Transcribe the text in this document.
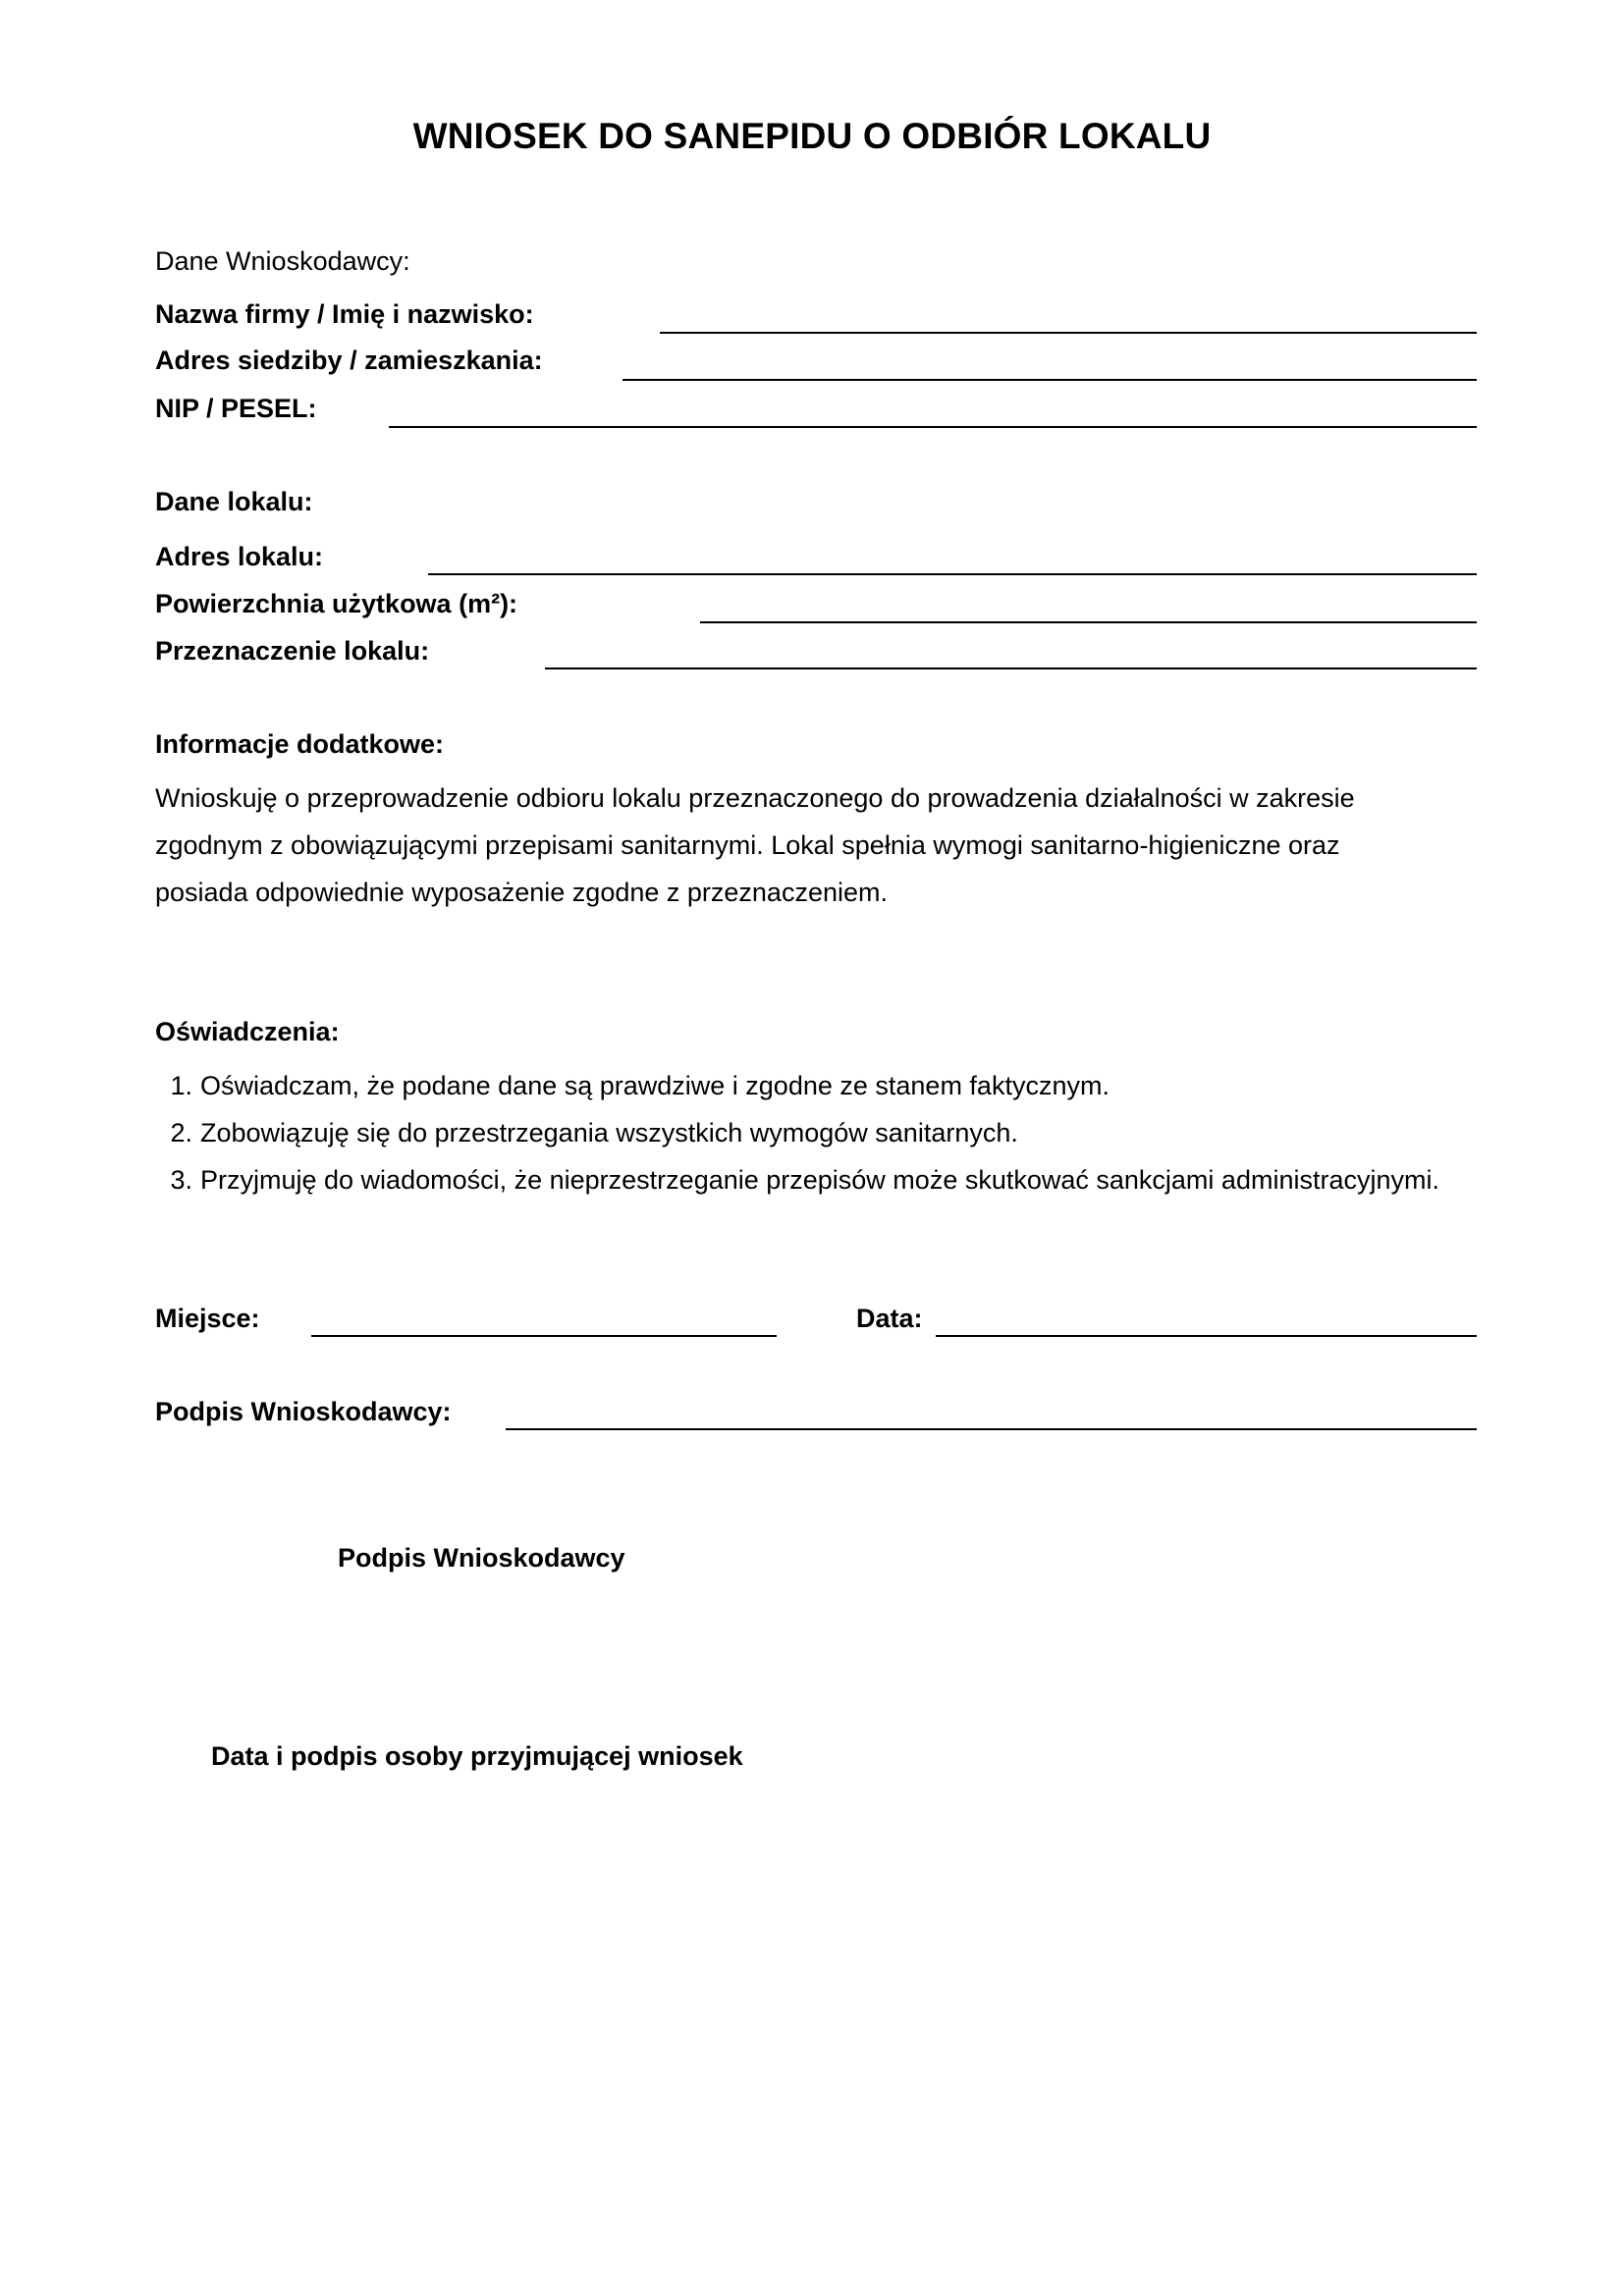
WNIOSEK DO SANEPIDU O ODBIÓR LOKALU
Dane Wnioskodawcy:
Nazwa firmy / Imię i nazwisko:
Adres siedziby / zamieszkania:
NIP / PESEL:
Dane lokalu:
Adres lokalu:
Powierzchnia użytkowa (m²):
Przeznaczenie lokalu:
Informacje dodatkowe:
Wnioskuję o przeprowadzenie odbioru lokalu przeznaczonego do prowadzenia działalności w zakresie
zgodnym z obowiązującymi przepisami sanitarnymi. Lokal spełnia wymogi sanitarno-higieniczne oraz
posiada odpowiednie wyposażenie zgodne z przeznaczeniem.
Oświadczenia:
1. Oświadczam, że podane dane są prawdziwe i zgodne ze stanem faktycznym.
2. Zobowiązuję się do przestrzegania wszystkich wymogów sanitarnych.
3. Przyjmuję do wiadomości, że nieprzestrzeganie przepisów może skutkować sankcjami administracyjnymi.
Miejsce:	Data:
Podpis Wnioskodawcy:
Podpis Wnioskodawcy
Data i podpis osoby przyjmującej wniosek
